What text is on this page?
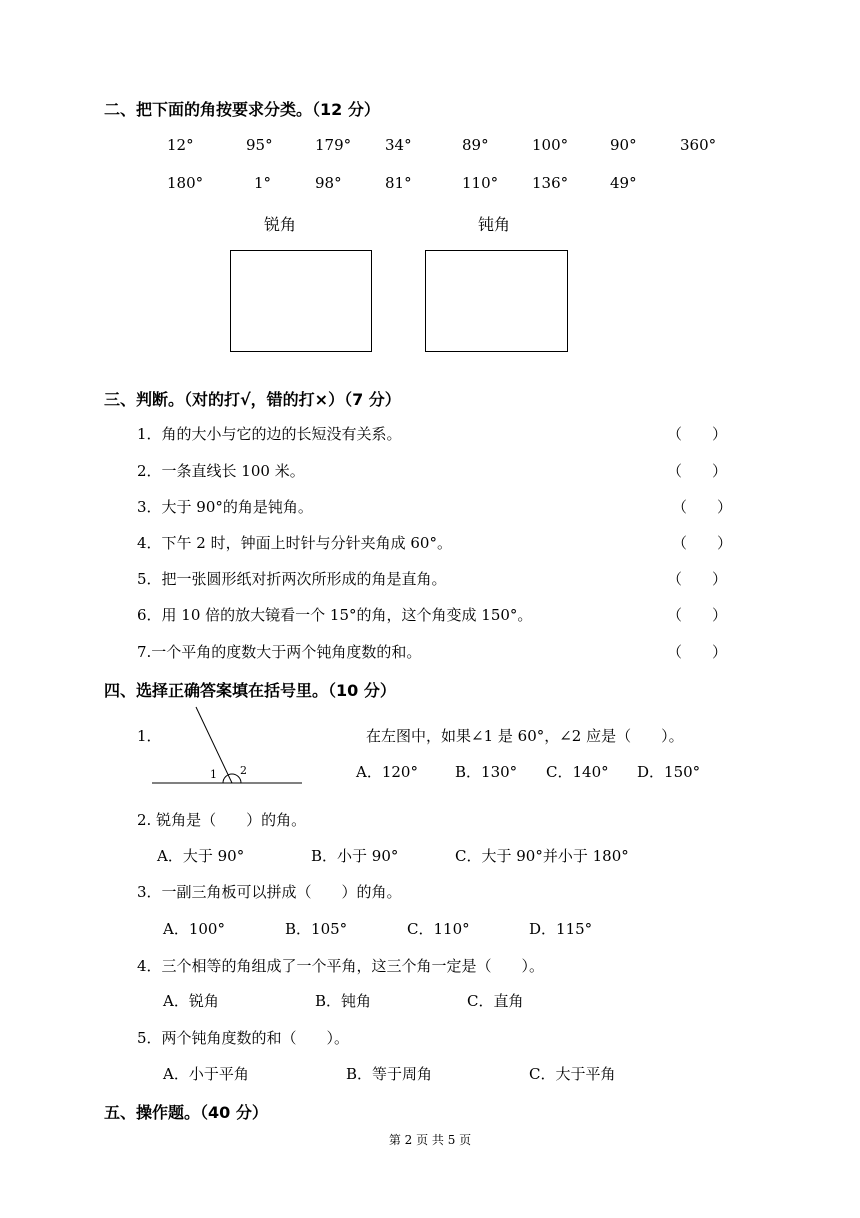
二、把下面的角按要求分类。（12 分）
12°	95°	179° 34°	89°	100°	90°	360°
180°	1°	98°	81°	110° 136°	49°
锐角	钝角
三、判断。（对的打√，错的打×）（7 分）
1．角的大小与它的边的长短没有关系。	（　　）
2．一条直线长 100 米。	（　　）
3．大于 90°的角是钝角。	（　　）
4．下午 2 时，钟面上时针与分针夹角成 60°。	（　　）
5．把一张圆形纸对折两次所形成的角是直角。	（　　）
6．用 10 倍的放大镜看一个 15°的角，这个角变成 150°。	（　　）
7.一个平角的度数大于两个钝角度数的和。	（　　）
四、选择正确答案填在括号里。（10 分）
1．
1 2
在左图中，如果∠1 是 60°，∠2 应是（　　）。
A．120° B．130° C．140° D．150°
2. 锐角是（　　）的角。
A．大于 90°	B．小于 90°	C．大于 90°并小于 180°
3．一副三角板可以拼成（　　）的角。
A．100°	B．105°	C．110°	D．115°
4．三个相等的角组成了一个平角，这三个角一定是（　　）。
A．锐角	B．钝角	C．直角
5．两个钝角度数的和（　　）。
A．小于平角	B．等于周角	C．大于平角
五、操作题。（40 分）
第 2 页 共 5 页
